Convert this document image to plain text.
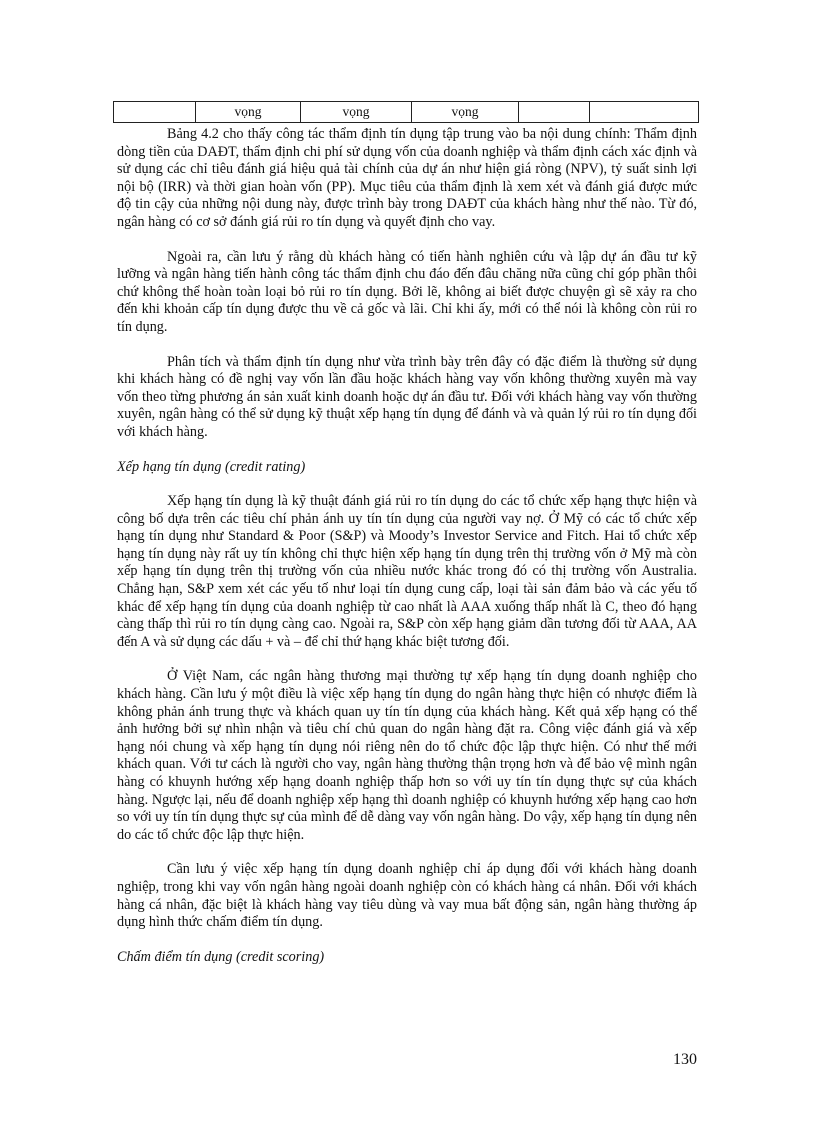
	vọng	vọng	vọng		

Bảng 4.2 cho thấy công tác thẩm định tín dụng tập trung vào ba nội dung chính: Thẩm định dòng tiền của DAĐT, thẩm định chi phí sử dụng vốn của doanh nghiệp và thẩm định cách xác định và sử dụng các chỉ tiêu đánh giá hiệu quả tài chính của dự án như hiện giá ròng (NPV), tỷ suất sinh lợi nội bộ (IRR) và thời gian hoàn vốn (PP). Mục tiêu của thẩm định là xem xét và đánh giá được mức độ tin cậy của những nội dung này, được trình bày trong DAĐT của khách hàng như thế nào. Từ đó, ngân hàng có cơ sở đánh giá rủi ro tín dụng và quyết định cho vay.

Ngoài ra, cần lưu ý rằng dù khách hàng có tiến hành nghiên cứu và lập dự án đầu tư kỹ lưỡng và ngân hàng tiến hành công tác thẩm định chu đáo đến đâu chăng nữa cũng chỉ góp phần thôi chứ không thể hoàn toàn loại bỏ rủi ro tín dụng. Bởi lẽ, không ai biết được chuyện gì sẽ xảy ra cho đến khi khoản cấp tín dụng được thu về cả gốc và lãi. Chỉ khi ấy, mới có thể nói là không còn rủi ro tín dụng.

Phân tích và thẩm định tín dụng như vừa trình bày trên đây có đặc điểm là thường sử dụng khi khách hàng có đề nghị vay vốn lần đầu hoặc khách hàng vay vốn không thường xuyên mà vay vốn theo từng phương án sản xuất kinh doanh hoặc dự án đầu tư. Đối với khách hàng vay vốn thường xuyên, ngân hàng có thể sử dụng kỹ thuật xếp hạng tín dụng để đánh và và quản lý rủi ro tín dụng đối với khách hàng.

Xếp hạng tín dụng (credit rating)

Xếp hạng tín dụng là kỹ thuật đánh giá rủi ro tín dụng do các tổ chức xếp hạng thực hiện và công bố dựa trên các tiêu chí phản ánh uy tín tín dụng của người vay nợ. Ở Mỹ có các tổ chức xếp hạng tín dụng như Standard & Poor (S&P) và Moody’s Investor Service and Fitch. Hai tổ chức xếp hạng tín dụng này rất uy tín không chỉ thực hiện xếp hạng tín dụng trên thị trường vốn ở Mỹ mà còn xếp hạng tín dụng trên thị trường vốn của nhiều nước khác trong đó có thị trường vốn Australia. Chẳng hạn, S&P xem xét các yếu tố như loại tín dụng cung cấp, loại tài sản đảm bảo và các yếu tố khác để xếp hạng tín dụng của doanh nghiệp từ cao nhất là AAA xuống thấp nhất là C, theo đó hạng càng thấp thì rủi ro tín dụng càng cao. Ngoài ra, S&P còn xếp hạng giảm dần tương đối từ AAA, AA đến A và sử dụng các dấu + và – để chỉ thứ hạng khác biệt tương đối.

Ở Việt Nam, các ngân hàng thương mại thường tự xếp hạng tín dụng doanh nghiệp cho khách hàng. Cần lưu ý một điều là việc xếp hạng tín dụng do ngân hàng thực hiện có nhược điểm là không phản ánh trung thực và khách quan uy tín tín dụng của khách hàng. Kết quả xếp hạng có thể ảnh hưởng bởi sự nhìn nhận và tiêu chí chủ quan do ngân hàng đặt ra. Công việc đánh giá và xếp hạng nói chung và xếp hạng tín dụng nói riêng nên do tổ chức độc lập thực hiện. Có như thế mới khách quan. Với tư cách là người cho vay, ngân hàng thường thận trọng hơn và để bảo vệ mình ngân hàng có khuynh hướng xếp hạng doanh nghiệp thấp hơn so với uy tín tín dụng thực sự của khách hàng. Ngược lại, nếu để doanh nghiệp xếp hạng thì doanh nghiệp có khuynh hướng xếp hạng cao hơn so với uy tín tín dụng thực sự của mình để dễ dàng vay vốn ngân hàng. Do vậy, xếp hạng tín dụng nên do các tổ chức độc lập thực hiện.

Cần lưu ý việc xếp hạng tín dụng doanh nghiệp chỉ áp dụng đối với khách hàng doanh nghiệp, trong khi vay vốn ngân hàng ngoài doanh nghiệp còn có khách hàng cá nhân. Đối với khách hàng cá nhân, đặc biệt là khách hàng vay tiêu dùng và vay mua bất động sản, ngân hàng thường áp dụng hình thức chấm điểm tín dụng.

Chấm điểm tín dụng (credit scoring)

130
